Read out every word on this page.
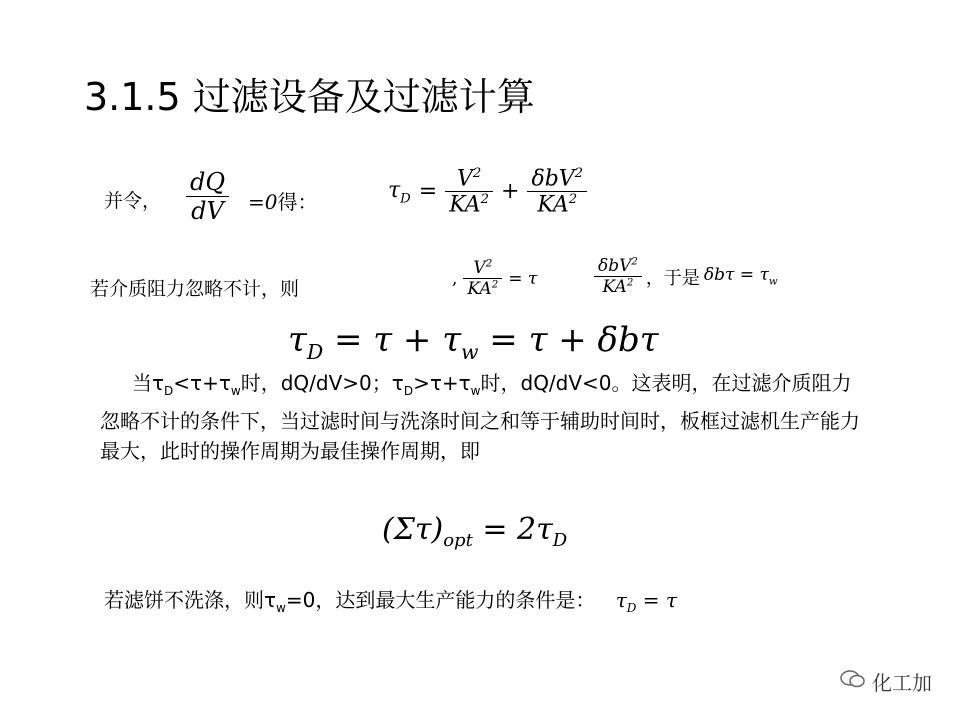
3.1.5 过滤设备及过滤计算
并令， $\frac{dQ}{dV} =0$得：	$\tau_D = \frac{V^2}{KA^2} + \frac{\delta bV^2}{KA^2}$
若介质阻力忽略不计，则	, $\frac{V^2}{KA^2} = \tau$	$\frac{\delta bV^2}{KA^2}$ ，于是 $\delta b\tau = \tau_w$
$\tau_D = \tau + \tau_w = \tau + \delta b\tau$
当$\tau_D<\tau+\tau_w$时，dQ/dV>0；$\tau_D>\tau+\tau_w$时，dQ/dV<0。这表明，在过滤介质阻力忽略不计的条件下，当过滤时间与洗涤时间之和等于辅助时间时，板框过滤机生产能力最大，此时的操作周期为最佳操作周期，即
$(\Sigma\tau)_{opt} = 2\tau_D$
若滤饼不洗涤，则$\tau_w=0$，达到最大生产能力的条件是： $\tau_D = \tau$
化工加
